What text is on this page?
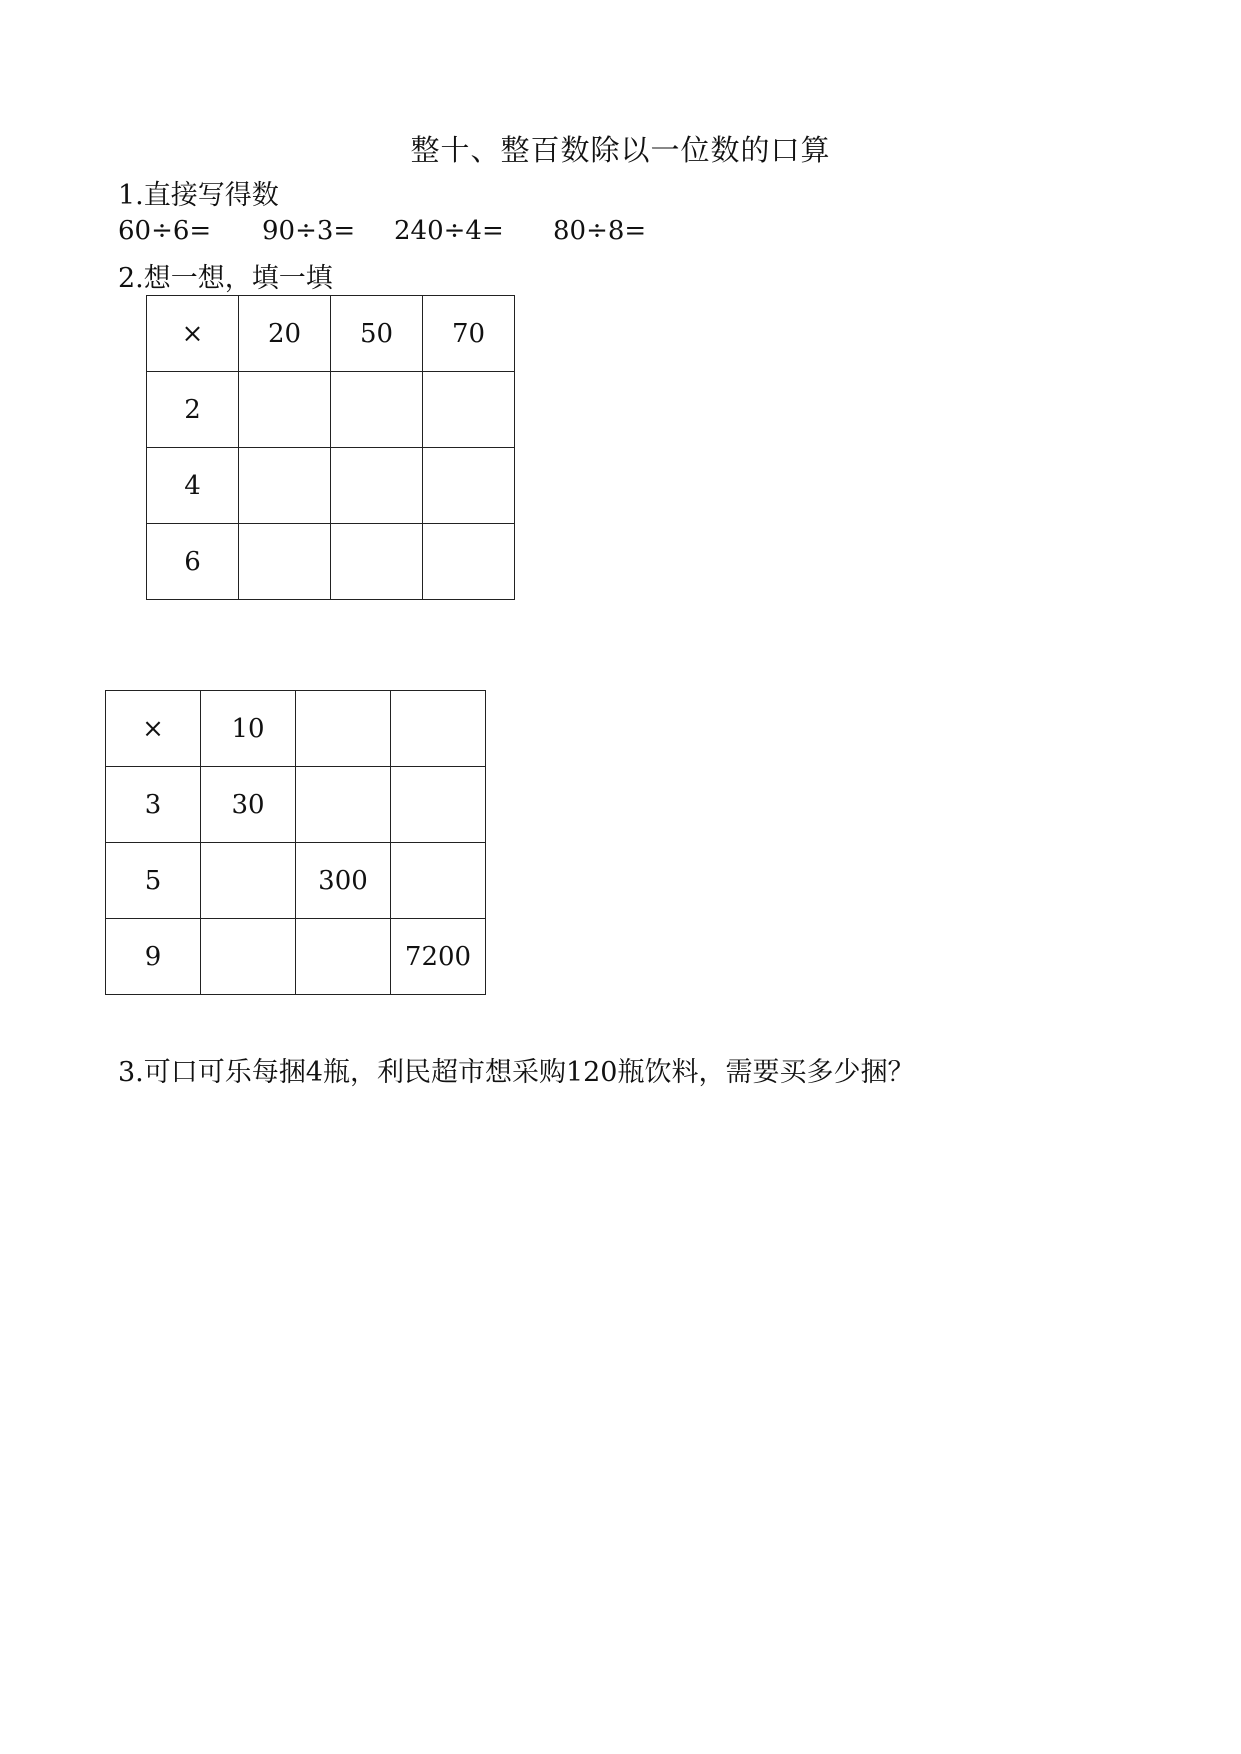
整十、整百数除以一位数的口算
1.直接写得数
60÷6= 90÷3= 240÷4= 80÷8=
2.想一想，填一填
×	20	50	70
2			
4			
6			
×	10		
3	30		
5		300	
9			7200
3.可口可乐每捆4瓶，利民超市想采购120瓶饮料，需要买多少捆？
